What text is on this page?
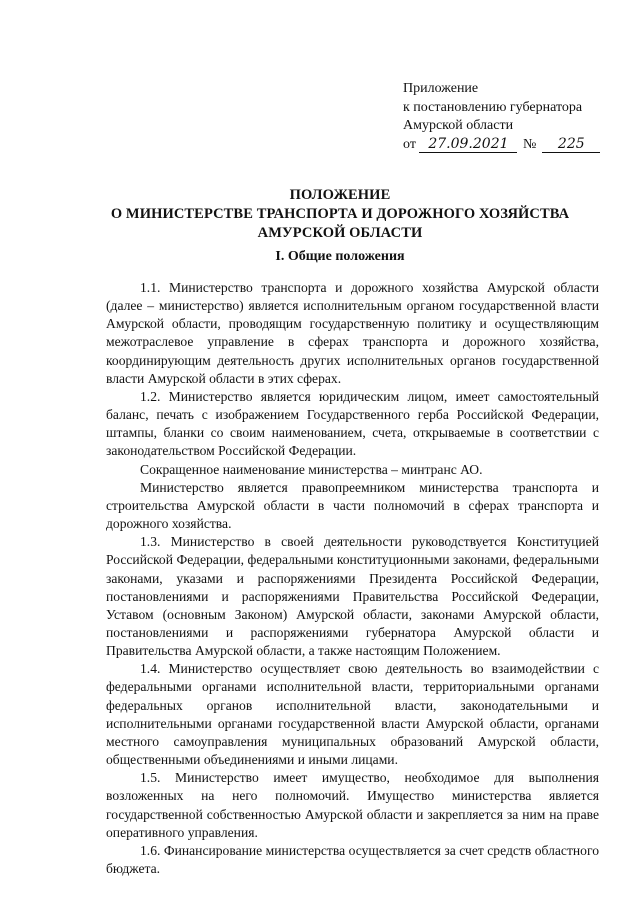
Приложение
к постановлению губернатора
Амурской области
от 27.09.2021 № 225
ПОЛОЖЕНИЕ
О МИНИСТЕРСТВЕ ТРАНСПОРТА И ДОРОЖНОГО ХОЗЯЙСТВА
АМУРСКОЙ ОБЛАСТИ
I. Общие положения

1.1. Министерство транспорта и дорожного хозяйства Амурской области (далее – министерство) является исполнительным органом государственной власти Амурской области, проводящим государственную политику и осуществляющим межотраслевое управление в сферах транспорта и дорожного хозяйства, координирующим деятельность других исполнительных органов государственной власти Амурской области в этих сферах.

1.2. Министерство является юридическим лицом, имеет самостоятельный баланс, печать с изображением Государственного герба Российской Федерации, штампы, бланки со своим наименованием, счета, открываемые в соответствии с законодательством Российской Федерации.

Сокращенное наименование министерства – минтранс АО.

Министерство является правопреемником министерства транспорта и строительства Амурской области в части полномочий в сферах транспорта и дорожного хозяйства.

1.3. Министерство в своей деятельности руководствуется Конституцией Российской Федерации, федеральными конституционными законами, федеральными законами, указами и распоряжениями Президента Российской Федерации, постановлениями и распоряжениями Правительства Российской Федерации, Уставом (основным Законом) Амурской области, законами Амурской области, постановлениями и распоряжениями губернатора Амурской области и Правительства Амурской области, а также настоящим Положением.

1.4. Министерство осуществляет свою деятельность во взаимодействии с федеральными органами исполнительной власти, территориальными органами федеральных органов исполнительной власти, законодательными и исполнительными органами государственной власти Амурской области, органами местного самоуправления муниципальных образований Амурской области, общественными объединениями и иными лицами.

1.5. Министерство имеет имущество, необходимое для выполнения возложенных на него полномочий. Имущество министерства является государственной собственностью Амурской области и закрепляется за ним на праве оперативного управления.

1.6. Финансирование министерства осуществляется за счет средств областного бюджета.
